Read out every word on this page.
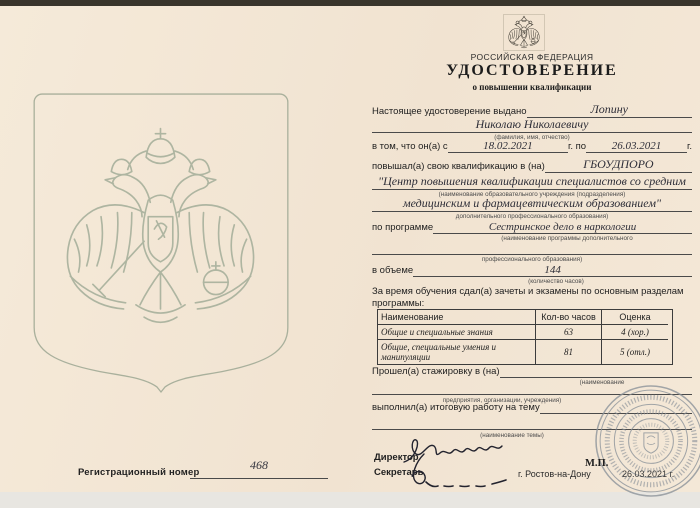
Регистрационный номер
468
РОССИЙСКАЯ ФЕДЕРАЦИЯ
УДОСТОВЕРЕНИЕ
о повышении квалификации
Настоящее удостоверение выдано	Лопину
Николаю Николаевичу
(фамилия, имя, отчество)
в том, что он(а) с	18.02.2021	г. по	26.03.2021	г.
повышал(а) свою квалификацию в (на)	ГБОУДПОРО
"Центр повышения квалификации специалистов со средним
(наименование образовательного учреждения (подразделения)
медицинским и фармацевтическим образованием"
дополнительного профессионального образования)
по программе	Сестринское дело в наркологии
(наименование программы дополнительного
профессионального образования)
в объеме	144
(количество часов)
За время обучения сдал(а) зачеты и экзамены по основным разделам программы:
Наименование	Кол-во часов	Оценка
Общие и специальные знания	63	4 (хор.)
Общие, специальные умения и манипуляции	81	5 (отл.)
Прошел(а) стажировку в (на)
(наименование
предприятия, организации, учреждения)
выполнил(а) итоговую работу на тему
(наименование темы)
Директор
М.П.
Секретарь	г. Ростов-на-Дону	26.03.2021 г.
